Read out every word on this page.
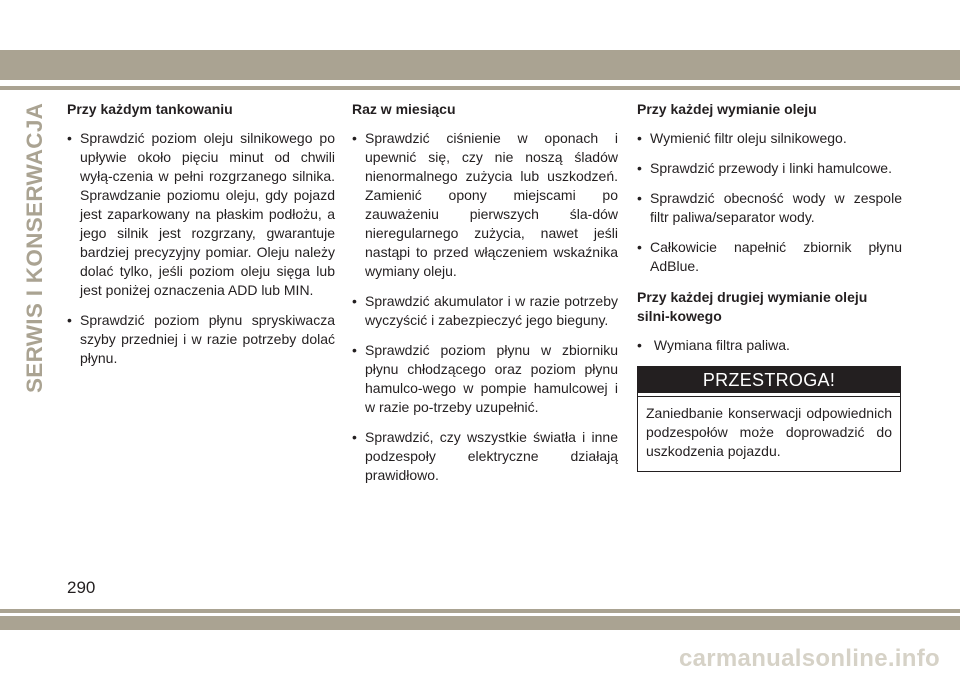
SERWIS I KONSERWACJA Przy każdym tankowaniu
• Sprawdzić poziom oleju silnikowego po upływie około pięciu minut od chwili wyłą-czenia w pełni rozgrzanego silnika. Sprawdzanie poziomu oleju, gdy pojazd jest zaparkowany na płaskim podłożu, a jego silnik jest rozgrzany, gwarantuje bardziej precyzyjny pomiar. Oleju należy dolać tylko, jeśli poziom oleju sięga lub jest poniżej oznaczenia ADD lub MIN.
• Sprawdzić poziom płynu spryskiwacza szyby przedniej i w razie potrzeby dolać płynu.
Raz w miesiącu
• Sprawdzić ciśnienie w oponach i upewnić się, czy nie noszą śladów nienormalnego zużycia lub uszkodzeń. Zamienić opony miejscami po zauważeniu pierwszych śla-dów nieregularnego zużycia, nawet jeśli nastąpi to przed włączeniem wskaźnika wymiany oleju.
• Sprawdzić akumulator i w razie potrzeby wyczyścić i zabezpieczyć jego bieguny.
• Sprawdzić poziom płynu w zbiorniku płynu chłodzącego oraz poziom płynu hamulco-wego w pompie hamulcowej i w razie po-trzeby uzupełnić.
• Sprawdzić, czy wszystkie światła i inne podzespoły elektryczne działają prawidłowo.
Przy każdej wymianie oleju
• Wymienić filtr oleju silnikowego.
• Sprawdzić przewody i linki hamulcowe.
• Sprawdzić obecność wody w zespole filtr paliwa/separator wody.
• Całkowicie napełnić zbiornik płynu AdBlue.
Przy każdej drugiej wymianie oleju silni-kowego
• Wymiana filtra paliwa.
PRZESTROGA!
Zaniedbanie konserwacji odpowiednich podzespołów może doprowadzić do uszkodzenia pojazdu.
290
carmanualsonline.info
